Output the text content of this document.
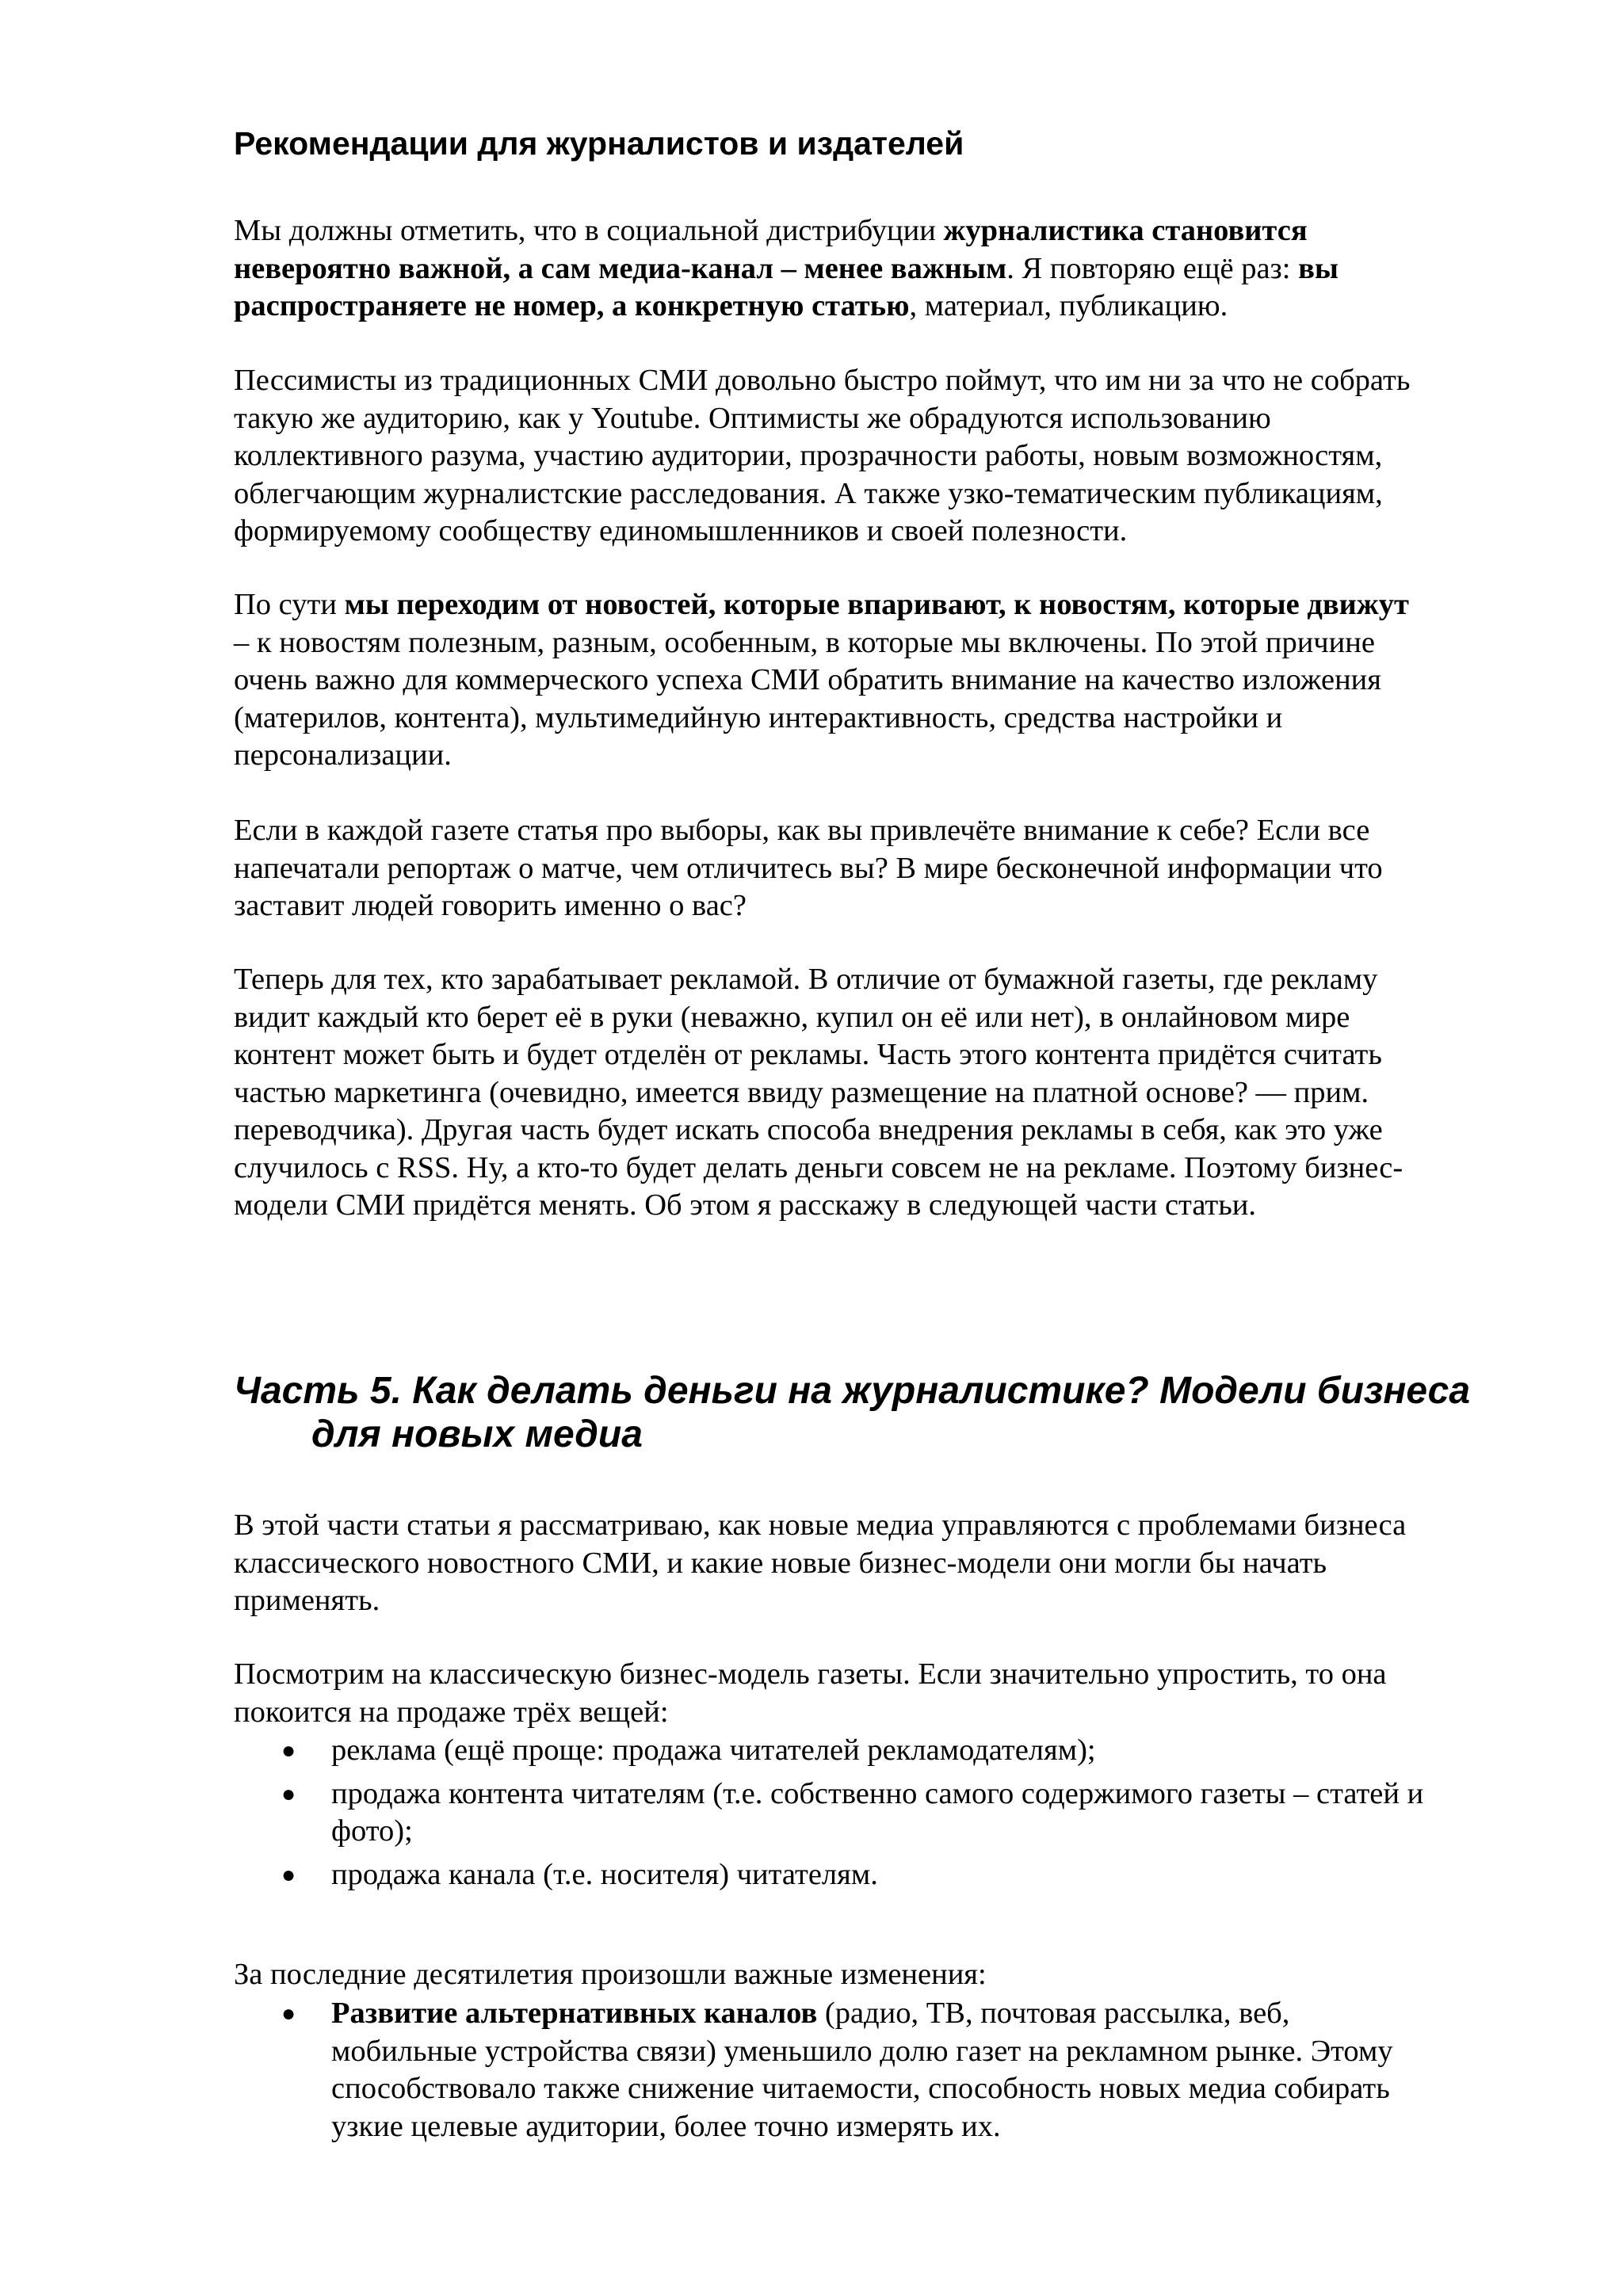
Рекомендации для журналистов и издателей

Мы должны отметить, что в социальной дистрибуции журналистика становится
невероятно важной, а сам медиа-канал – менее важным. Я повторяю ещё раз: вы
распространяете не номер, а конкретную статью, материал, публикацию.

Пессимисты из традиционных СМИ довольно быстро поймут, что им ни за что не собрать
такую же аудиторию, как у Youtube. Оптимисты же обрадуются использованию
коллективного разума, участию аудитории, прозрачности работы, новым возможностям,
облегчающим журналистские расследования. А также узко-тематическим публикациям,
формируемому сообществу единомышленников и своей полезности.

По сути мы переходим от новостей, которые впаривают, к новостям, которые движут
– к новостям полезным, разным, особенным, в которые мы включены. По этой причине
очень важно для коммерческого успеха СМИ обратить внимание на качество изложения
(материлов, контента), мультимедийную интерактивность, средства настройки и
персонализации.

Если в каждой газете статья про выборы, как вы привлечёте внимание к себе? Если все
напечатали репортаж о матче, чем отличитесь вы? В мире бесконечной информации что
заставит людей говорить именно о вас?

Теперь для тех, кто зарабатывает рекламой. В отличие от бумажной газеты, где рекламу
видит каждый кто берет её в руки (неважно, купил он её или нет), в онлайновом мире
контент может быть и будет отделён от рекламы. Часть этого контента придётся считать
частью маркетинга (очевидно, имеется ввиду размещение на платной основе? — прим.
переводчика). Другая часть будет искать способа внедрения рекламы в себя, как это уже
случилось с RSS. Ну, а кто-то будет делать деньги совсем не на рекламе. Поэтому бизнес-
модели СМИ придётся менять. Об этом я расскажу в следующей части статьи.

Часть 5. Как делать деньги на журналистике? Модели бизнеса
для новых медиа

В этой части статьи я рассматриваю, как новые медиа управляются с проблемами бизнеса
классического новостного СМИ, и какие новые бизнес-модели они могли бы начать
применять.

Посмотрим на классическую бизнес-модель газеты. Если значительно упростить, то она
покоится на продаже трёх вещей:

● реклама (ещё проще: продажа читателей рекламодателям);
● продажа контента читателям (т.е. собственно самого содержимого газеты – статей и
фото);
● продажа канала (т.е. носителя) читателям.

За последние десятилетия произошли важные изменения:

● Развитие альтернативных каналов (радио, ТВ, почтовая рассылка, веб,
мобильные устройства связи) уменьшило долю газет на рекламном рынке. Этому
способствовало также снижение читаемости, способность новых медиа собирать
узкие целевые аудитории, более точно измерять их.
